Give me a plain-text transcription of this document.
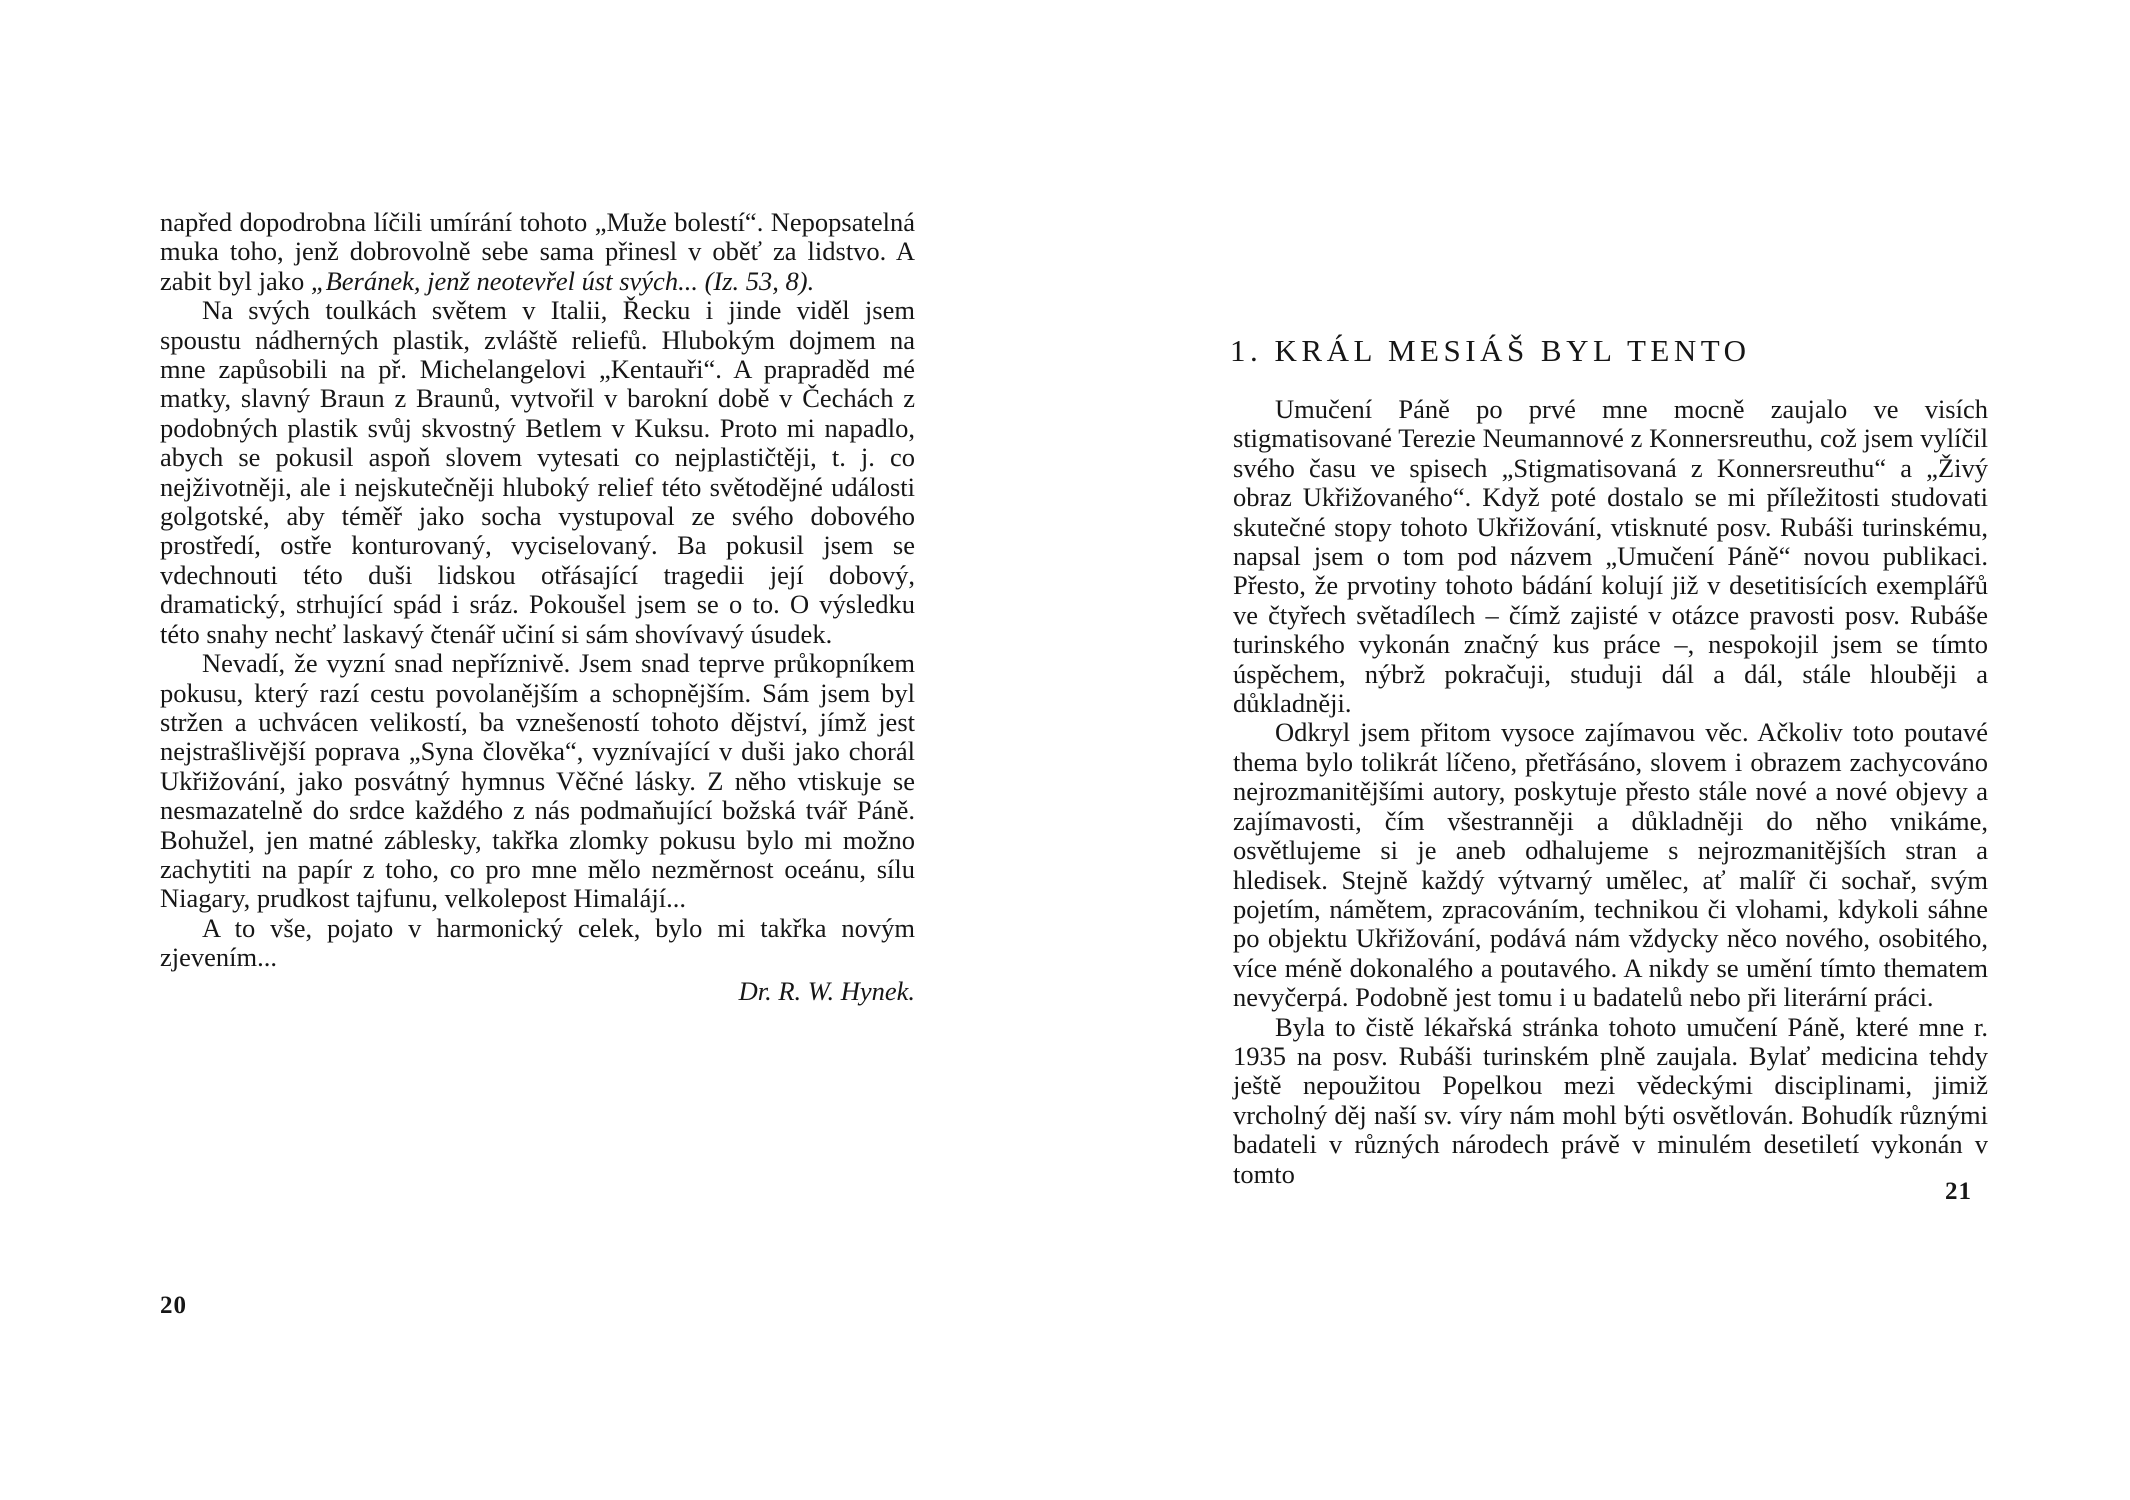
napřed dopodrobna líčili umírání tohoto „Muže bolestí“. Nepopsatelná muka toho, jenž dobrovolně sebe sama přinesl v oběť za lidstvo. A zabit byl jako „Beránek, jenž neotevřel úst svých... (Iz. 53, 8).

Na svých toulkách světem v Italii, Řecku i jinde viděl jsem spoustu nádherných plastik, zvláště reliefů. Hlubokým dojmem na mne zapůsobili na př. Michelangelovi „Kentauři“. A prapraděd mé matky, slavný Braun z Braunů, vytvořil v barokní době v Čechách z podobných plastik svůj skvostný Betlem v Kuksu. Proto mi napadlo, abych se pokusil aspoň slovem vytesati co nejplastičtěji, t. j. co nejživotněji, ale i nejskutečněji hluboký relief této světodějné události golgotské, aby téměř jako socha vystupoval ze svého dobového prostředí, ostře konturovaný, vyciselovaný. Ba pokusil jsem se vdechnouti této duši lidskou otřásající tragedii její dobový, dramatický, strhující spád i sráz. Pokoušel jsem se o to. O výsledku této snahy nechť laskavý čtenář učiní si sám shovívavý úsudek.

Nevadí, že vyzní snad nepříznivě. Jsem snad teprve průkopníkem pokusu, který razí cestu povolanějším a schopnějším. Sám jsem byl stržen a uchvácen velikostí, ba vznešeností tohoto dějství, jímž jest nejstrašlivější poprava „Syna člověka“, vyznívající v duši jako chorál Ukřižování, jako posvátný hymnus Věčné lásky. Z něho vtiskuje se nesmazatelně do srdce každého z nás podmaňující božská tvář Páně. Bohužel, jen matné záblesky, takřka zlomky pokusu bylo mi možno zachytiti na papír z toho, co pro mne mělo nezměrnost oceánu, sílu Niagary, prudkost tajfunu, velkolepost Himalájí...

A to vše, pojato v harmonický celek, bylo mi takřka novým zjevením...

Dr. R. W. Hynek.

20
1. KRÁL MESIÁŠ BYL TENTO

Umučení Páně po prvé mne mocně zaujalo ve visích stigmatisované Terezie Neumannové z Konnersreuthu, což jsem vylíčil svého času ve spisech „Stigmatisovaná z Konnersreuthu“ a „Živý obraz Ukřižovaného“. Když poté dostalo se mi příležitosti studovati skutečné stopy tohoto Ukřižování, vtisknuté posv. Rubáši turinskému, napsal jsem o tom pod názvem „Umučení Páně“ novou publikaci. Přesto, že prvotiny tohoto bádání kolují již v desetitisících exemplářů ve čtyřech světadílech – čímž zajisté v otázce pravosti posv. Rubáše turinského vykonán značný kus práce –, nespokojil jsem se tímto úspěchem, nýbrž pokračuji, studuji dál a dál, stále hlouběji a důkladněji.

Odkryl jsem přitom vysoce zajímavou věc. Ačkoliv toto poutavé thema bylo tolikrát líčeno, přetřásáno, slovem i obrazem zachycováno nejrozmanitějšími autory, poskytuje přesto stále nové a nové objevy a zajímavosti, čím všestranněji a důkladněji do něho vnikáme, osvětlujeme si je aneb odhalujeme s nejrozmanitějších stran a hledisek. Stejně každý výtvarný umělec, ať malíř či sochař, svým pojetím, námětem, zpracováním, technikou či vlohami, kdykoli sáhne po objektu Ukřižování, podává nám vždycky něco nového, osobitého, více méně dokonalého a poutavého. A nikdy se umění tímto thematem nevyčerpá. Podobně jest tomu i u badatelů nebo při literární práci.

Byla to čistě lékařská stránka tohoto umučení Páně, které mne r. 1935 na posv. Rubáši turinském plně zaujala. Bylať medicina tehdy ještě nepoužitou Popelkou mezi vědeckými disciplinami, jimiž vrcholný děj naší sv. víry nám mohl býti osvětlován. Bohudík různými badateli v různých národech právě v minulém desetiletí vykonán v tomto

21
